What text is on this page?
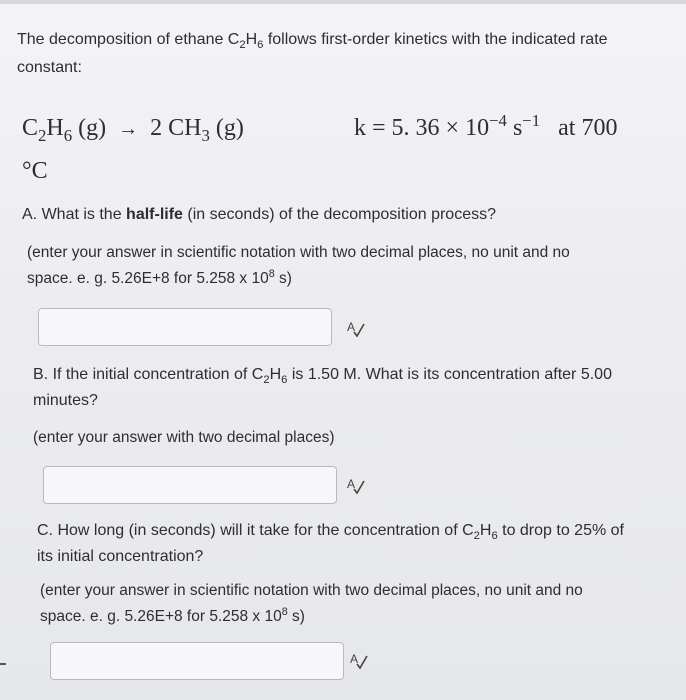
The decomposition of ethane $C_2H_6$ follows first-order kinetics with the indicated rate constant:
$C_2H_6$ (g) → 2 $CH_3$ (g)	k = 5. $36 \times 10^{-4}$ $s^{-1}$ at 700
°C
A. What is the half-life (in seconds) of the decomposition process?
(enter your answer in scientific notation with two decimal places, no unit and no
space. e. g. 5.26E+8 for 5.258 x $10^8$ s)
A
B. If the initial concentration of $C_2H_6$ is 1.50 M. What is its concentration after 5.00
minutes?
(enter your answer with two decimal places)
A
C. How long (in seconds) will it take for the concentration of $C_2H_6$ to drop to 25% of
its initial concentration?
(enter your answer in scientific notation with two decimal places, no unit and no
space. e. g. 5.26E+8 for 5.258 x $10^8$ s)
A
